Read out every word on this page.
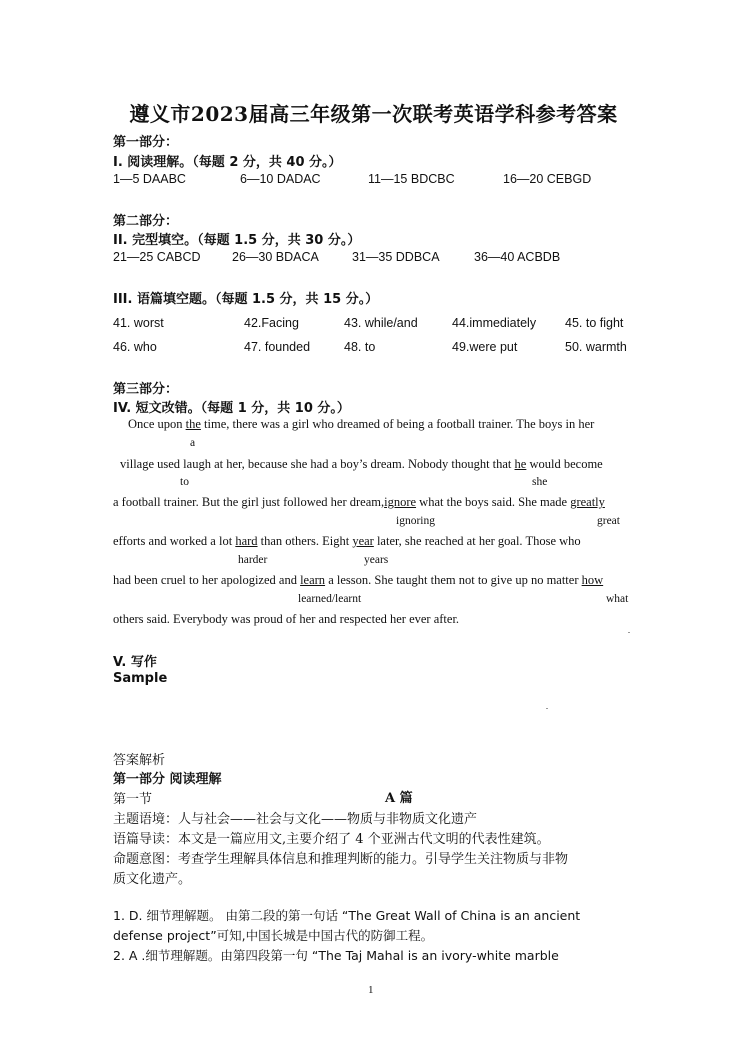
遵义市2023届高三年级第一次联考英语学科参考答案
第一部分：
I. 阅读理解。（每题 2 分，共 40 分。）
1—5 DAABC	6—10 DADAC	11—15 BDCBC	16—20 CEBGD
第二部分：
II. 完型填空。（每题 1.5 分，共 30 分。）
21—25 CABCD	26—30 BDACA	31—35 DDBCA	36—40 ACBDB
III. 语篇填空题。（每题 1.5 分，共 15 分。）
41. worst	42.Facing	43. while/and	44.immediately 45. to fight
46. who	47. founded	48. to	49.were put	50. warmth
第三部分：
IV. 短文改错。（每题 1 分，共 10 分。）
Once upon the time, there was a girl who dreamed of being a football trainer. The boys in her
a
village used laugh at her, because she had a boy’s dream. Nobody thought that he would become
to	she
a football trainer. But the girl just followed her dream,ignore what the boys said. She made greatly
ignoring	great
efforts and worked a lot hard than others. Eight year later, she reached at her goal. Those who
harder	years
had been cruel to her apologized and learn a lesson. She taught them not to give up no matter how
learned/learnt	what
others said. Everybody was proud of her and respected her ever after.
V. 写作
Sample
答案解析
第一部分 阅读理解
第一节	A 篇
主题语境：人与社会——社会与文化——物质与非物质文化遗产
语篇导读：本文是一篇应用文,主要介绍了 4 个亚洲古代文明的代表性建筑。
命题意图：考查学生理解具体信息和推理判断的能力。引导学生关注物质与非物
质文化遗产。
1. D. 细节理解题。 由第二段的第一句话 “The Great Wall of China is an ancient
defense project”可知,中国长城是中国古代的防御工程。
2. A .细节理解题。由第四段第一句 “The Taj Mahal is an ivory-white marble
1
